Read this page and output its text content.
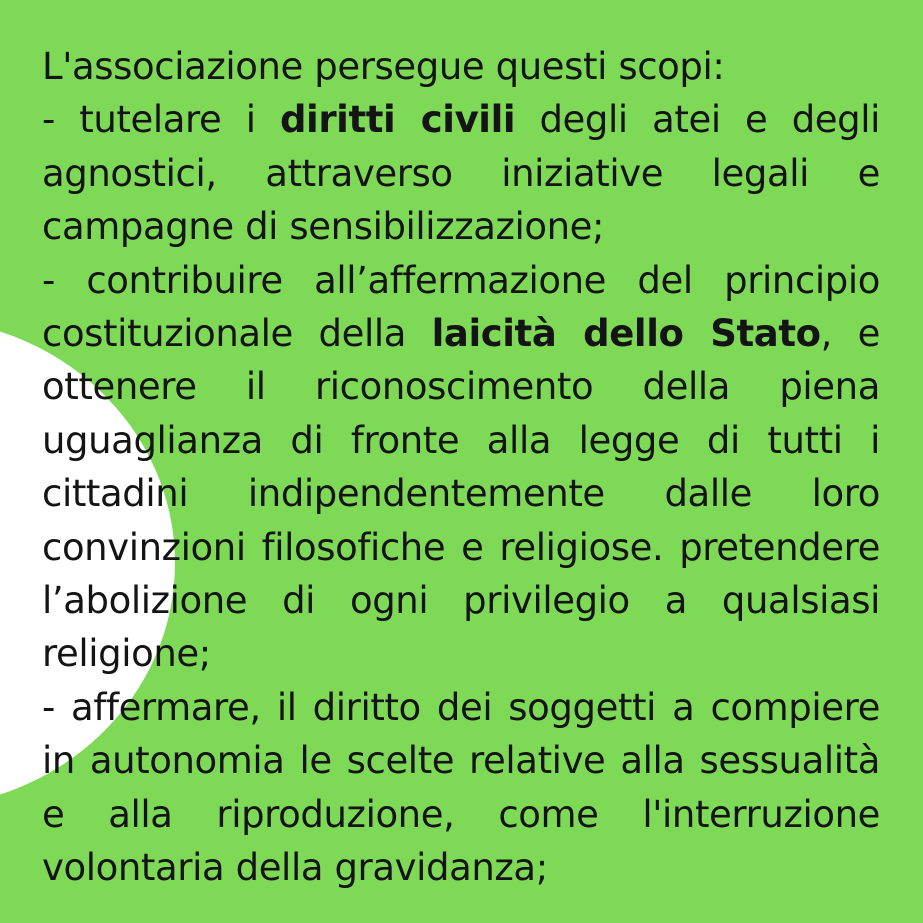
L'associazione persegue questi scopi:

- tutelare i diritti civili degli atei e degli agnostici, attraverso iniziative legali e campagne di sensibilizzazione;

- contribuire all’affermazione del principio costituzionale della laicità dello Stato, e ottenere il riconoscimento della piena uguaglianza di fronte alla legge di tutti i cittadini indipendentemente dalle loro convinzioni filosofiche e religiose. pretendere l’abolizione di ogni privilegio a qualsiasi religione;

- affermare, il diritto dei soggetti a compiere in autonomia le scelte relative alla sessualità e alla riproduzione, come l'interruzione volontaria della gravidanza;
